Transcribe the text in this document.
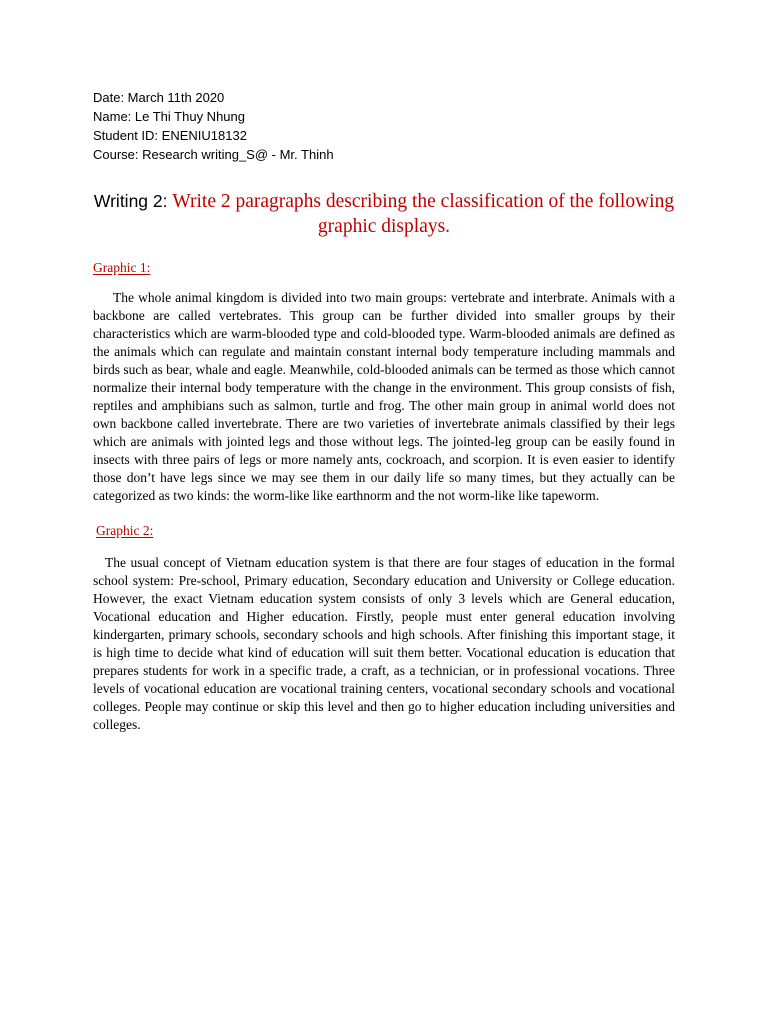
Date: March 11th 2020
Name: Le Thi Thuy Nhung
Student ID: ENENIU18132
Course: Research writing_S@ - Mr. Thinh
Writing 2: Write 2 paragraphs describing the classification of the following graphic displays.
Graphic 1:

The whole animal kingdom is divided into two main groups: vertebrate and interbrate. Animals with a backbone are called vertebrates. This group can be further divided into smaller groups by their characteristics which are warm-blooded type and cold-blooded type. Warm-blooded animals are defined as the animals which can regulate and maintain constant internal body temperature including mammals and birds such as bear, whale and eagle. Meanwhile, cold-blooded animals can be termed as those which cannot normalize their internal body temperature with the change in the environment. This group consists of fish, reptiles and amphibians such as salmon, turtle and frog. The other main group in animal world does not own backbone called invertebrate. There are two varieties of invertebrate animals classified by their legs which are animals with jointed legs and those without legs. The jointed-leg group can be easily found in insects with three pairs of legs or more namely ants, cockroach, and scorpion. It is even easier to identify those don’t have legs since we may see them in our daily life so many times, but they actually can be categorized as two kinds: the worm-like like earthnorm and the not worm-like like tapeworm.

Graphic 2:

The usual concept of Vietnam education system is that there are four stages of education in the formal school system: Pre-school, Primary education, Secondary education and University or College education. However, the exact Vietnam education system consists of only 3 levels which are General education, Vocational education and Higher education. Firstly, people must enter general education involving kindergarten, primary schools, secondary schools and high schools. After finishing this important stage, it is high time to decide what kind of education will suit them better. Vocational education is education that prepares students for work in a specific trade, a craft, as a technician, or in professional vocations. Three levels of vocational education are vocational training centers, vocational secondary schools and vocational colleges. People may continue or skip this level and then go to higher education including universities and colleges.
